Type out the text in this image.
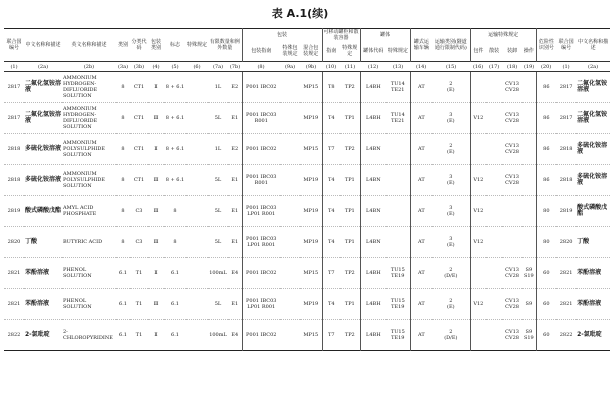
表 A.1(续)
联合国编号	中文名称和描述	英文名称和描述	类别	分类代码	包装类别	标志	特殊规定	有限数量和例外数量		包装			可移动罐柜和散装容器		罐体		罐式运输车辆	运输类别(隧道通行限制代码)	运输特殊规定				危险性识别号	联合国编号	中文名称和描述
										包装指南	特殊包装规定	混合包装规定	指南	特殊规定	罐体代码	特殊规定			包件	散装	装卸	操作			
(1)	(2a)	(2b)	(3a)	(3b)	(4)	(5)	(6)	(7a)	(7b)	(8)	(9a)	(9b)	(10)	(11)	(12)	(13)	(14)	(15)	(16)	(17)	(18)	(19)	(20)	(1)	(2a)
2817	二氟化氢铵溶液	AMMONIUM HYDROGEN-DIFLUORIDE SOLUTION	8	CT1	Ⅱ	8 + 6.1		1L	E2	P001 IBC02		MP15	T8	TP2	L4BH	TU14 TE21	AT	2
(E)			CV13 CV28		86	2817	二氟化氢铵溶液
2817	二氟化氢铵溶液	AMMONIUM HYDROGEN-DIFLUORIDE SOLUTION	8	CT1	Ⅲ	8 + 6.1		5L	E1	P001 IBC03 R001		MP19	T4	TP1	L4BH	TU14 TE21	AT	3
(E)	V12		CV13 CV28		86	2817	二氟化氢铵溶液
2818	多硫化铵溶液	AMMONIUM POLYSULPHIDE SOLUTION	8	CT1	Ⅱ	8 + 6.1		1L	E2	P001 IBC02		MP15	T7	TP2	L4BN		AT	2
(E)			CV13 CV28		86	2818	多硫化铵溶液
2818	多硫化铵溶液	AMMONIUM POLYSULPHIDE SOLUTION	8	CT1	Ⅲ	8 + 6.1		5L	E1	P001 IBC03 R001		MP19	T4	TP1	L4BN		AT	3
(E)	V12		CV13 CV28		86	2818	多硫化铵溶液
2819	酸式磷酸戊酯	AMYL ACID PHOSPHATE	8	C3	Ⅲ	8		5L	E1	P001 IBC03 LP01 R001		MP19	T4	TP1	L4BN		AT	3
(E)	V12				80	2819	酸式磷酸戊酯
2820	丁酸	BUTYRIC ACID	8	C3	Ⅲ	8		5L	E1	P001 IBC03 LP01 R001		MP19	T4	TP1	L4BN		AT	3
(E)	V12				80	2820	丁酸
2821	苯酚溶液	PHENOL SOLUTION	6.1	T1	Ⅱ	6.1		100mL	E4	P001 IBC02		MP15	T7	TP2	L4BH	TU15 TE19	AT	2
(D/E)			CV13 CV28	S9 S19	60	2821	苯酚溶液
2821	苯酚溶液	PHENOL SOLUTION	6.1	T1	Ⅲ	6.1		5L	E1	P001 IBC03 LP01 R001		MP19	T4	TP1	L4BH	TU15 TE19	AT	2
(E)	V12		CV13 CV28	S9	60	2821	苯酚溶液
2822	2-氯吡啶	2-CHLOROPYRIDINE	6.1	T1	Ⅱ	6.1		100mL	E4	P001 IBC02		MP15	T7	TP2	L4BH	TU15 TE19	AT	2
(D/E)			CV13 CV28	S9 S19	60	2822	2-氯吡啶
